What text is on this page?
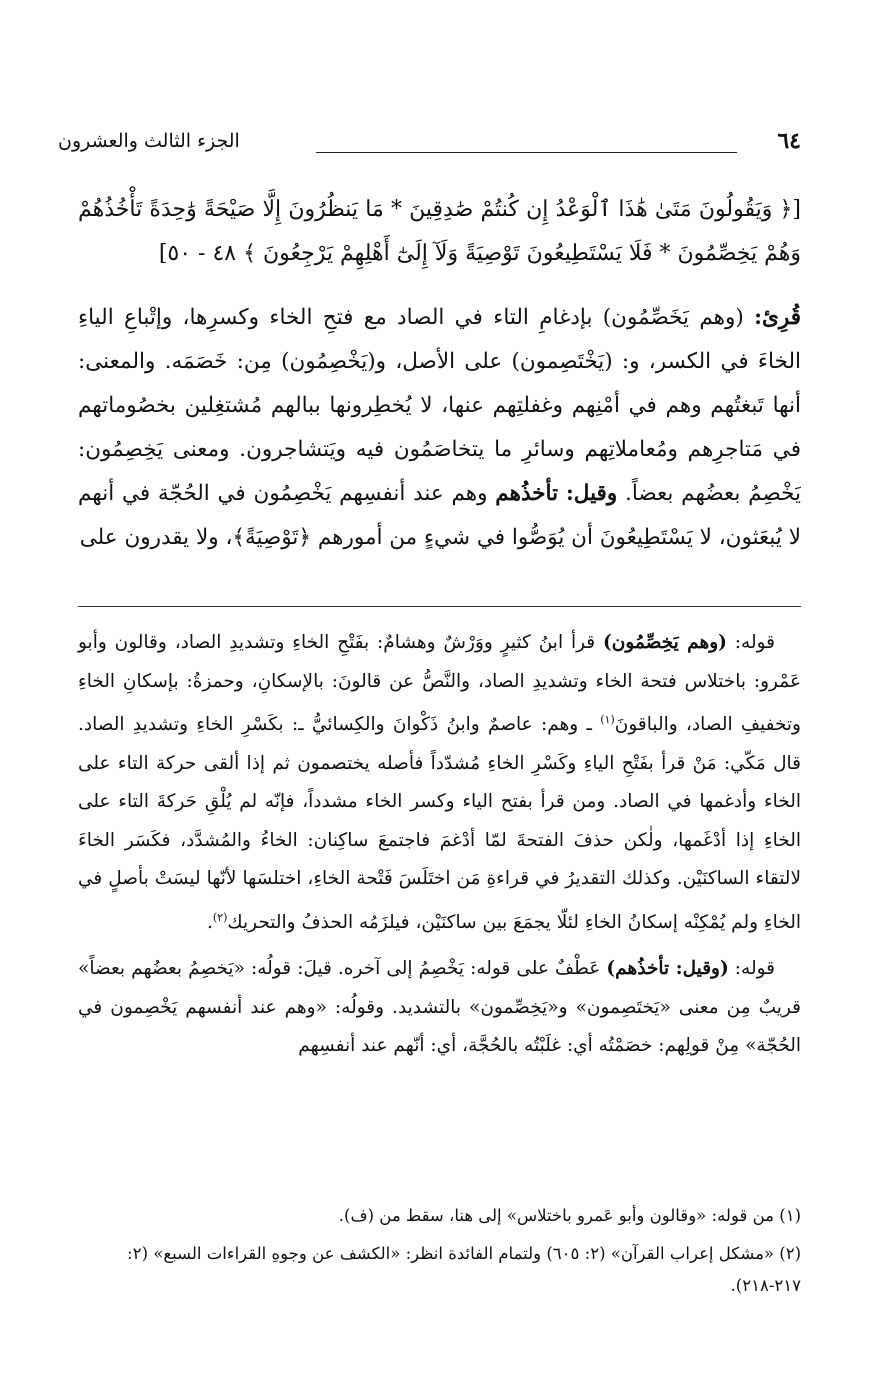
٦٤
الجزء الثالث والعشرون
[﴿ وَيَقُولُونَ مَتَىٰ هَٰذَا ٱلْوَعْدُ إِن كُنتُمْ صَٰدِقِينَ * مَا يَنظُرُونَ إِلَّا صَيْحَةً وَٰحِدَةً تَأْخُذُهُمْ وَهُمْ يَخِصِّمُونَ * فَلَا يَسْتَطِيعُونَ تَوْصِيَةً وَلَآ إِلَىٰٓ أَهْلِهِمْ يَرْجِعُونَ ﴾ ٤٨ - ٥٠]
قُرِئ: (وهم يَخَصِّمُون) بإدغامِ التاء في الصاد مع فتحِ الخاء وكسرِها، وإتْباعِ الياءِ الخاءَ في الكسر، و: (يَخْتَصِمون) على الأصل، و(يَخْصِمُون) مِن: خَصَمَه. والمعنى: أنها تَبغتُهم وهم في أمْنِهم وغفلتِهم عنها، لا يُخطِرونها ببالهم مُشتغِلين بخصُوماتهم في مَتاجرِهم ومُعاملاتِهم وسائرِ ما يتخاصَمُون فيه ويَتشاجرون. ومعنى يَخِصِمُون: يَخْصِمُ بعضُهم بعضاً. وقيل: تأخذُهم وهم عند أنفسِهم يَخْصِمُون في الحُجّة في أنهم لا يُبعَثون، لا يَسْتَطِيعُونَ أن يُوَصُّوا في شيءٍ من أمورهم ﴿تَوْصِيَةً﴾، ولا يقدرون على

قوله: (وهم يَخِصِّمُون) قرأ ابنُ كثيرٍ ووَرْشٌ وهشامٌ: بفَتْحِ الخاءِ وتشديدِ الصاد، وقالون وأبو عَمْرو: باختلاس فتحة الخاء وتشديدِ الصاد، والنَّصُّ عن قالونَ: بالإسكانِ، وحمزةُ: بإسكانِ الخاءِ وتخفيفِ الصاد، والباقونَ$^{(١)}$ ـ وهم: عاصمٌ وابنُ ذَكْوانَ والكِسائيُّ ـ: بكَسْرِ الخاءِ وتشديدِ الصاد. قال مَكّي: مَنْ قرأ بفَتْحِ الياءِ وكَسْرِ الخاءِ مُشدّداً فأصله يختصمون ثم إذا ألقى حركة التاء على الخاء وأدغمها في الصاد. ومن قرأ بفتح الياء وكسر الخاء مشدداً، فإنّه لم يُلْقِ حَركةَ التاء على الخاءِ إذا أدْغَمها، ولٰكن حذفَ الفتحةَ لمّا أدْغمَ فاجتمعَ ساكِنان: الخاءُ والمُشدَّد، فكَسَر الخاءَ لالتقاء الساكنَيْن. وكذلك التقديرُ في قراءةِ مَن اختَلَسَ فَتْحة الخاءِ، اختلسَها لأنّها ليسَتْ بأصلٍ في الخاءِ ولم يُمْكِنْه إسكانُ الخاءِ لئلّا يجمَعَ بين ساكنَيْن، فيلزَمُه الحذفُ والتحريك$^{(٢)}$.

قوله: (وقيل: تأخذُهم) عَطْفٌ على قوله: يَخْصِمُ إلى آخره. قيلَ: قولُه: «يَخصِمُ بعضُهم بعضاً» قريبٌ مِن معنى «يَختَصِمون» و«يَخِصِّمون» بالتشديد. وقولُه: «وهم عند أنفسهم يَخْصِمون في الحُجّة» مِنْ قولِهم: خصَمْتُه أي: غلَبْتُه بالحُجَّة، أي: أنّهم عند أنفسِهم

(١) من قوله: «وقالون وأبو عَمرو باختلاس» إلى هنا، سقط من (ف).

(٢) «مشكل إعراب القرآن» (٢: ٦٠٥) ولتمام الفائدة انظر: «الكشف عن وجوهِ القراءات السبع» (٢: ٢١٧-٢١٨).
